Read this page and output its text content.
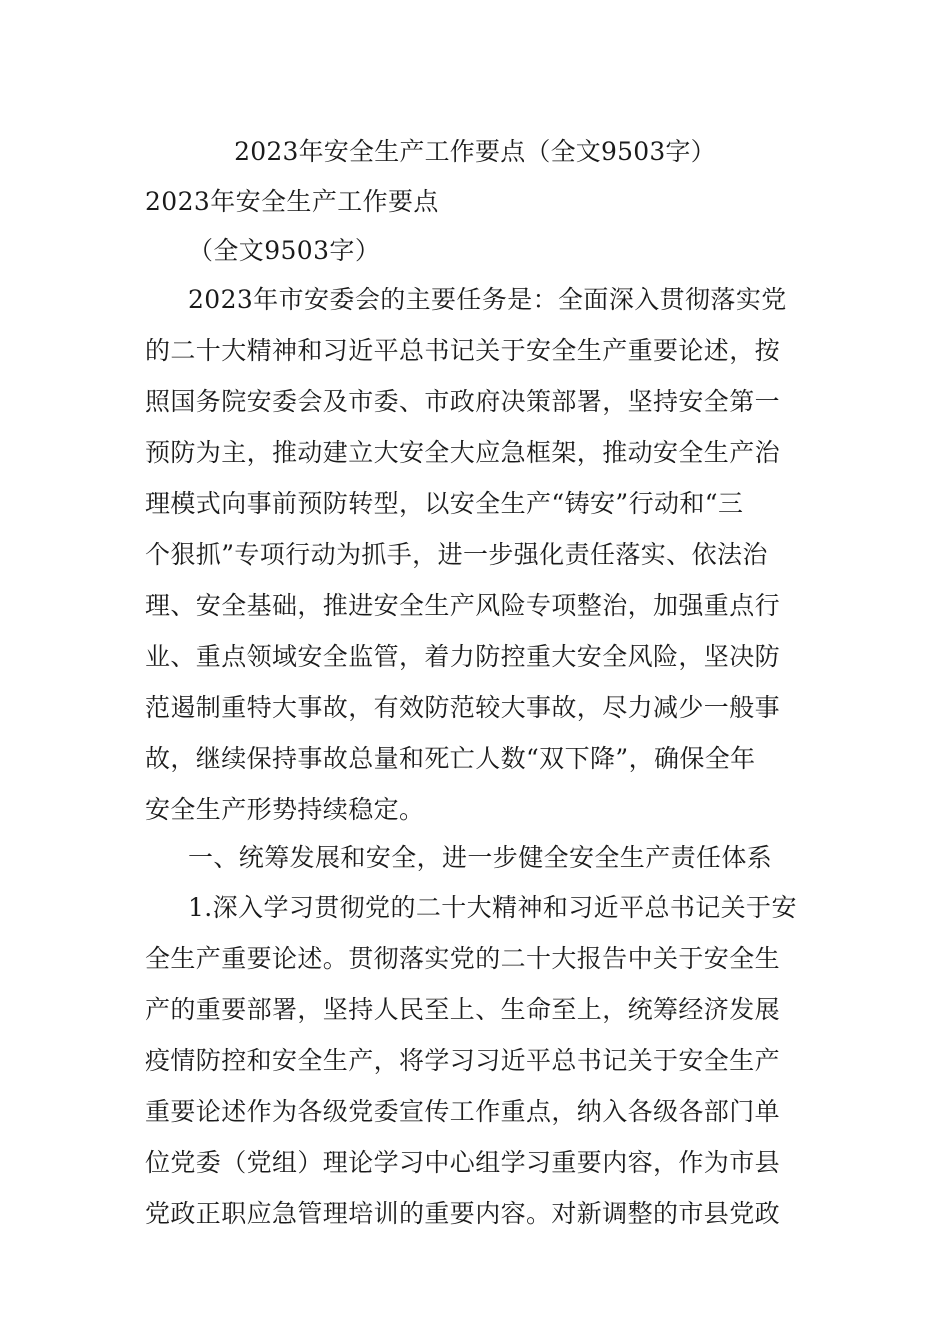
2023年安全生产工作要点（全文9503字）
2023年安全生产工作要点
（全文9503字）
2023年市安委会的主要任务是：全面深入贯彻落实党
的二十大精神和习近平总书记关于安全生产重要论述，按
照国务院安委会及市委、市政府决策部署，坚持安全第一
预防为主，推动建立大安全大应急框架，推动安全生产治
理模式向事前预防转型，以安全生产“铸安”行动和“三
个狠抓”专项行动为抓手，进一步强化责任落实、依法治
理、安全基础，推进安全生产风险专项整治，加强重点行
业、重点领域安全监管，着力防控重大安全风险，坚决防
范遏制重特大事故，有效防范较大事故，尽力减少一般事
故，继续保持事故总量和死亡人数“双下降”，确保全年
安全生产形势持续稳定。
一、统筹发展和安全，进一步健全安全生产责任体系
1.深入学习贯彻党的二十大精神和习近平总书记关于安
全生产重要论述。贯彻落实党的二十大报告中关于安全生
产的重要部署，坚持人民至上、生命至上，统筹经济发展
疫情防控和安全生产，将学习习近平总书记关于安全生产
重要论述作为各级党委宣传工作重点，纳入各级各部门单
位党委（党组）理论学习中心组学习重要内容，作为市县
党政正职应急管理培训的重要内容。对新调整的市县党政
